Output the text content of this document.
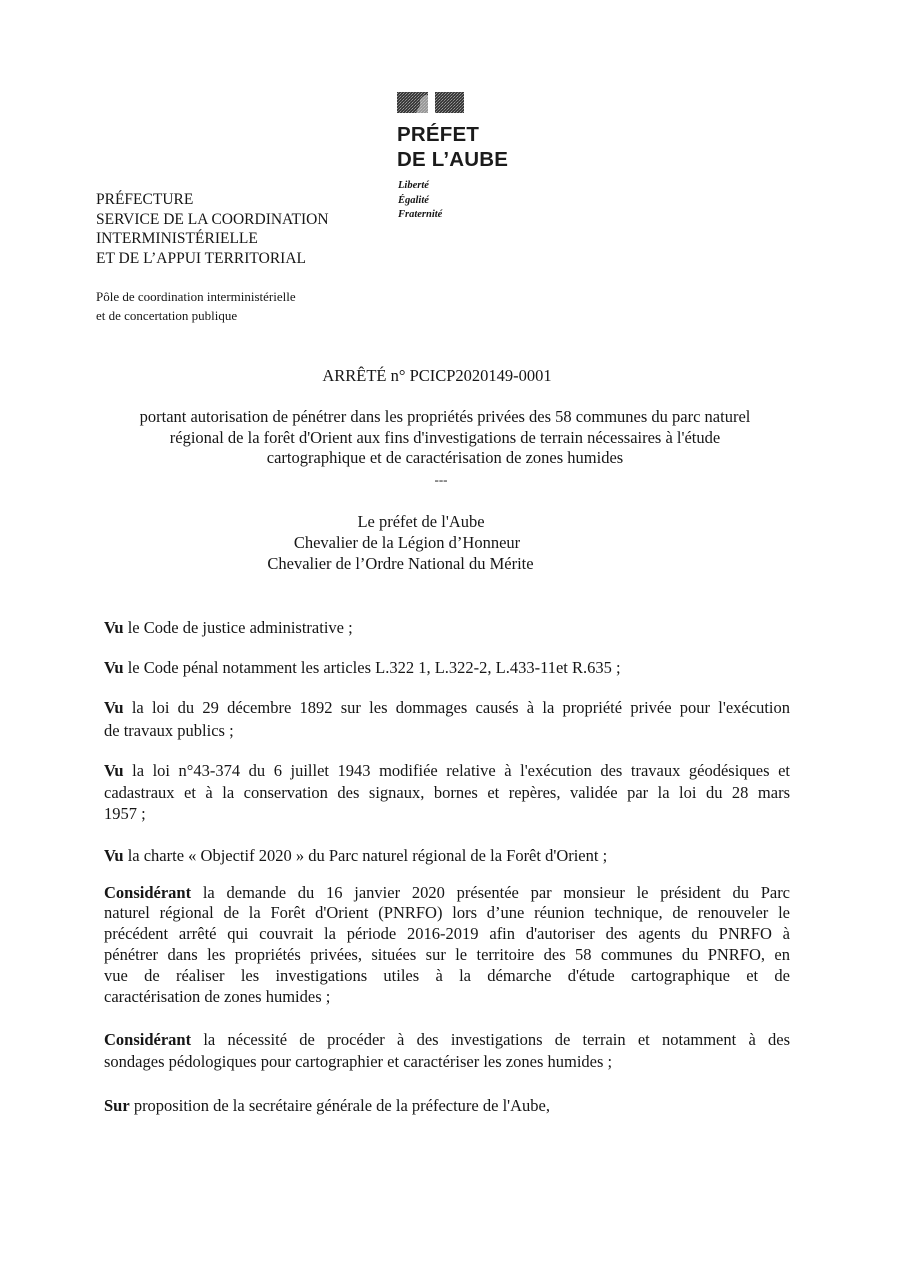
PRÉFET
DE L’AUBE
Liberté
Égalité
Fraternité
PRÉFECTURE
SERVICE DE LA COORDINATION
INTERMINISTÉRIELLE
ET DE L’APPUI TERRITORIAL
Pôle de coordination interministérielle
et de concertation publique
ARRÊTÉ n° PCICP2020149-0001
portant autorisation de pénétrer dans les propriétés privées des 58 communes du parc naturel
régional de la forêt d'Orient aux fins d'investigations de terrain nécessaires à l'étude
cartographique et de caractérisation de zones humides
---
Le préfet de l'Aube
Chevalier de la Légion d’Honneur
Chevalier de l’Ordre National du Mérite
Vu le Code de justice administrative ;
Vu le Code pénal notamment les articles L.322 1, L.322-2, L.433-11et R.635 ;
Vu la loi du 29 décembre 1892 sur les dommages causés à la propriété privée pour l'exécution
de travaux publics ;
Vu la loi n°43-374 du 6 juillet 1943 modifiée relative à l'exécution des travaux géodésiques et
cadastraux et à la conservation des signaux, bornes et repères, validée par la loi du 28 mars
1957 ;
Vu la charte « Objectif 2020 » du Parc naturel régional de la Forêt d'Orient ;
Considérant la demande du 16 janvier 2020 présentée par monsieur le président du Parc
naturel régional de la Forêt d'Orient (PNRFO) lors d’une réunion technique, de renouveler le
précédent arrêté qui couvrait la période 2016-2019 afin d'autoriser des agents du PNRFO à
pénétrer dans les propriétés privées, situées sur le territoire des 58 communes du PNRFO, en
vue de réaliser les investigations utiles à la démarche d'étude cartographique et de
caractérisation de zones humides ;
Considérant la nécessité de procéder à des investigations de terrain et notamment à des
sondages pédologiques pour cartographier et caractériser les zones humides ;
Sur proposition de la secrétaire générale de la préfecture de l'Aube,
